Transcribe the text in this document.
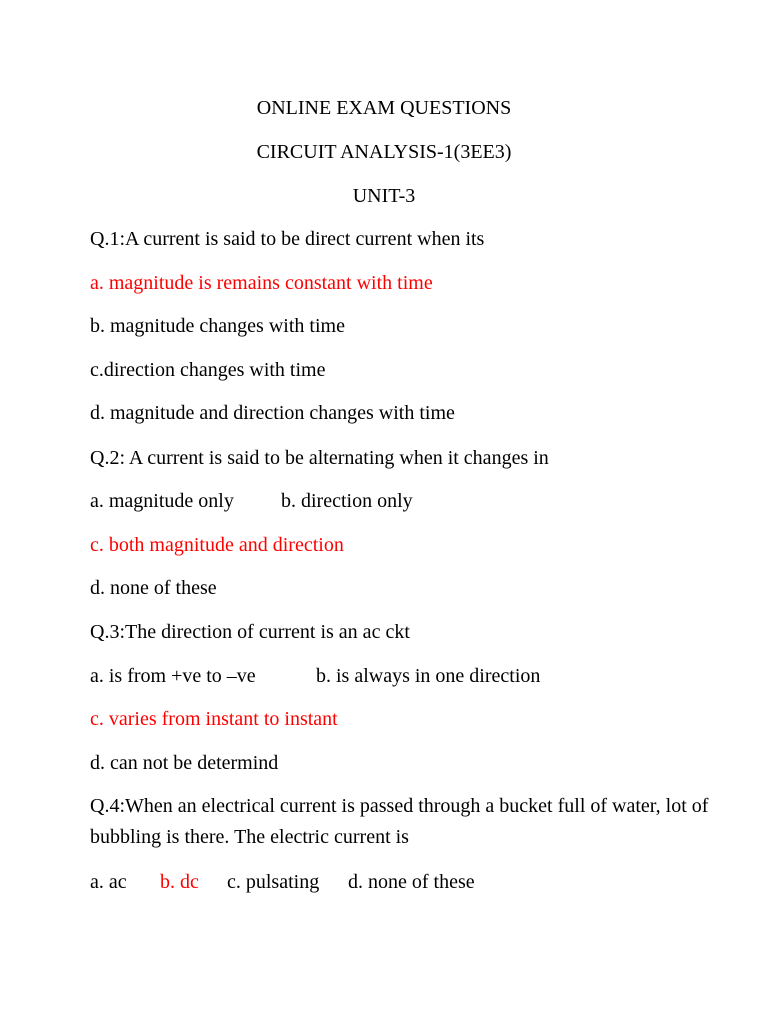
ONLINE EXAM QUESTIONS
CIRCUIT ANALYSIS-1(3EE3)
UNIT-3
Q.1:A current is said to be direct current when its
a. magnitude is remains constant with time
b. magnitude changes with time
c.direction changes with time
d. magnitude and direction changes with time
Q.2: A current is said to be alternating when it changes in
a. magnitude only b. direction only
c. both magnitude and direction
d. none of these
Q.3:The direction of current is an ac ckt
a. is from +ve to –ve	b. is always in one direction
c. varies from instant to instant
d. can not be determind
Q.4:When an electrical current is passed through a bucket full of water, lot of bubbling is there. The electric current is
a. ac b. dc c. pulsating d. none of these
